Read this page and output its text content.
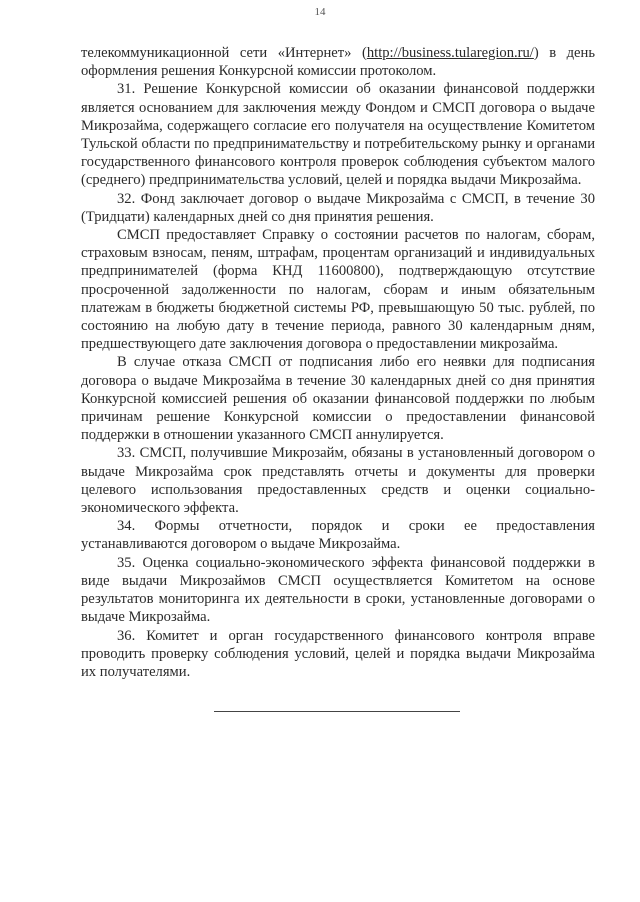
14

телекоммуникационной сети «Интернет» (http://business.tularegion.ru/) в день оформления решения Конкурсной комиссии протоколом.

31. Решение Конкурсной комиссии об оказании финансовой поддержки является основанием для заключения между Фондом и СМСП договора о выдаче Микрозайма, содержащего согласие его получателя на осуществление Комитетом Тульской области по предпринимательству и потребительскому рынку и органами государственного финансового контроля проверок соблюдения субъектом малого (среднего) предпринимательства условий, целей и порядка выдачи Микрозайма.

32. Фонд заключает договор о выдаче Микрозайма с СМСП, в течение 30 (Тридцати) календарных дней со дня принятия решения.

СМСП предоставляет Справку о состоянии расчетов по налогам, сборам, страховым взносам, пеням, штрафам, процентам организаций и индивидуальных предпринимателей (форма КНД 11600800), подтверждающую отсутствие просроченной задолженности по налогам, сборам и иным обязательным платежам в бюджеты бюджетной системы РФ, превышающую 50 тыс. рублей, по состоянию на любую дату в течение периода, равного 30 календарным дням, предшествующего дате заключения договора о предоставлении микрозайма.

В случае отказа СМСП от подписания либо его неявки для подписания договора о выдаче Микрозайма в течение 30 календарных дней со дня принятия Конкурсной комиссией решения об оказании финансовой поддержки по любым причинам решение Конкурсной комиссии о предоставлении финансовой поддержки в отношении указанного СМСП аннулируется.

33. СМСП, получившие Микрозайм, обязаны в установленный договором о выдаче Микрозайма срок представлять отчеты и документы для проверки целевого использования предоставленных средств и оценки социально-экономического эффекта.

34. Формы отчетности, порядок и сроки ее предоставления устанавливаются договором о выдаче Микрозайма.

35. Оценка социально-экономического эффекта финансовой поддержки в виде выдачи Микрозаймов СМСП осуществляется Комитетом на основе результатов мониторинга их деятельности в сроки, установленные договорами о выдаче Микрозайма.

36. Комитет и орган государственного финансового контроля вправе проводить проверку соблюдения условий, целей и порядка выдачи Микрозайма их получателями.
